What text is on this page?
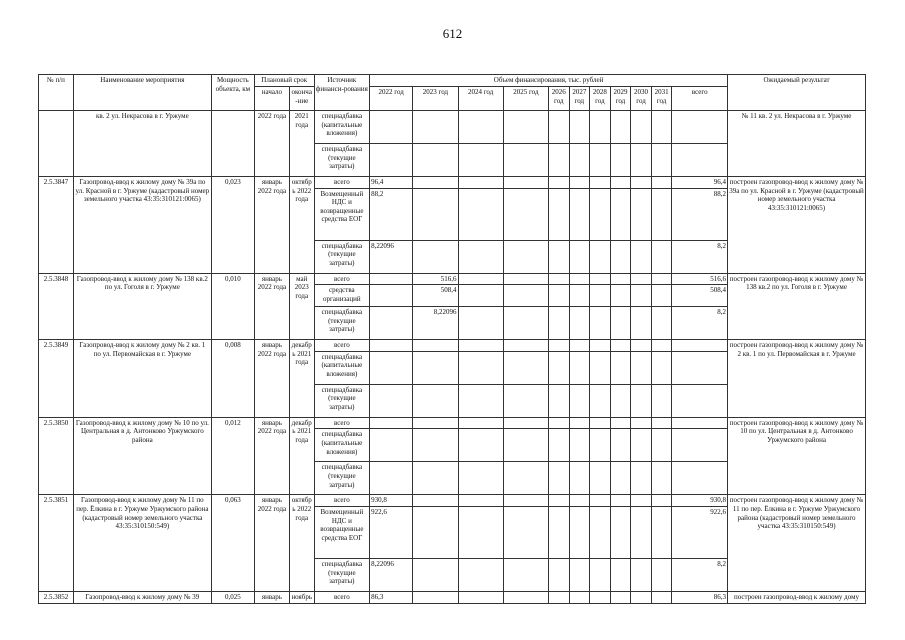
612
№ п/п	Наименование мероприятия	Мощность объекта, км	Плановый срок		Источник финанси-рования	Объем финансирования, тыс. рублей											Ожидаемый результат
			начало	оконча-ние		2022 год	2023 год	2024 год	2025 год	2026 год	2027 год	2028 год	2029 год	2030 год	2031 год	всего	
	кв. 2 ул. Некрасова в г. Уржуме		2022 года	2021 года	спецнадбавка (капитальные вложения)												№ 11 кв. 2 ул. Некрасова в г. Уржуме
					спецнадбавка (текущие затраты)												
2.5.3847	Газопровод-ввод к жилому дому № 39а по ул. Красной в г. Уржуме (кадастровый номер земельного участка 43:35:310121:0065)	0,023	январь 2022 года	октябрь 2022 года	всего	96,4										96,4	построен газопровод-ввод к жилому дому № 39а по ул. Красной в г. Уржуме (кадастровый номер земельного участка 43:35:310121:0065)
					Возмещенный НДС и возвращенные средства ЕОГ	88,2										88,2	
					спецнадбавка (текущие затраты)	8,22096										8,2	
2.5.3848	Газопровод-ввод к жилому дому № 138 кв.2 по ул. Гоголя в г. Уржуме	0,010	январь 2022 года	май 2023 года	всего		516,6									516,6	построен газопровод-ввод к жилому дому № 138 кв.2 по ул. Гоголя в г. Уржуме
					средства организаций		508,4									508,4	
					спецнадбавка (текущие затраты)		8,22096									8,2	
2.5.3849	Газопровод-ввод к жилому дому № 2 кв. 1 по ул. Первомайская в г. Уржуме	0,008	январь 2022 года	декабрь 2021 года	всего												построен газопровод-ввод к жилому дому № 2 кв. 1 по ул. Первомайская в г. Уржуме
					спецнадбавка (капитальные вложения)												
					спецнадбавка (текущие затраты)												
2.5.3850	Газопровод-ввод к жилому дому № 10 по ул. Центральная в д. Антонково Уржумского района	0,012	январь 2022 года	декабрь 2021 года	всего												построен газопровод-ввод к жилому дому № 10 по ул. Центральная в д. Антонково Уржумского района
					спецнадбавка (капитальные вложения)												
					спецнадбавка (текущие затраты)												
2.5.3851	Газопровод-ввод к жилому дому № 11 по пер. Ёлкина в г. Уржуме Уржумского района (кадастровый номер земельного участка 43:35:310150:549)	0,063	январь 2022 года	октябрь 2022 года	всего	930,8										930,8	построен газопровод-ввод к жилому дому № 11 по пер. Ёлкина в г. Уржуме Уржумского района (кадастровый номер земельного участка 43:35:310150:549)
					Возмещенный НДС и возвращенные средства ЕОГ	922,6										922,6	
					спецнадбавка (текущие затраты)	8,22096										8,2	
2.5.3852	Газопровод-ввод к жилому дому № 39	0,025	январь	ноябрь	всего	86,3										86,3	построен газопровод-ввод к жилому дому
